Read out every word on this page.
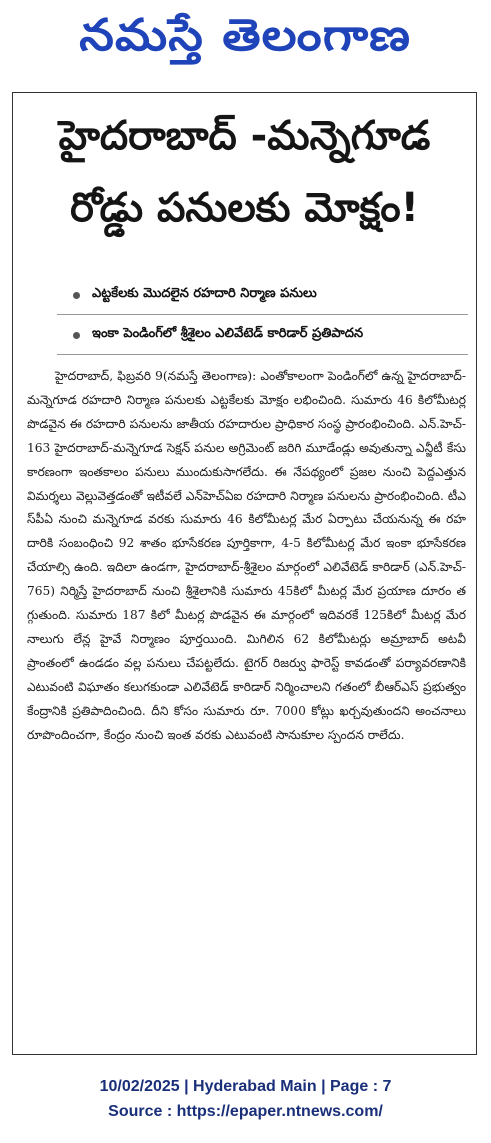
నమస్తే తెలంగాణ
హైదరాబాద్ -మన్నెగూడ
రోడ్డు పనులకు మోక్షం!
ఎట్టకేలకు మొదలైన రహదారి నిర్మాణ పనులు
ఇంకా పెండింగ్‌లో శ్రీశైలం ఎలివేటెడ్ కారిడార్ ప్రతిపాదన
హైదరాబాద్, ఫిబ్రవరి 9(నమస్తే తెలంగాణ): ఎంతోకాలంగా పెండింగ్‌లో ఉన్న హైదరాబాద్-మన్నెగూడ రహదారి నిర్మాణ పనులకు ఎట్టకేలకు మోక్షం లభించింది. సుమారు 46 కిలోమీటర్ల పొడవైన ఈ రహదారి పనులను జాతీయ రహదారుల ప్రాధికార సంస్థ ప్రారంభించింది. ఎన్.హెచ్-163 హైదరాబాద్-మన్నెగూడ సెక్షన్ పనుల అగ్రిమెంట్ జరిగి మూడేండ్లు అవుతున్నా ఎన్జీటీ కేసు కారణంగా ఇంతకాలం పనులు ముందుకుసాగలేదు. ఈ నేపథ్యంలో ప్రజల నుంచి పెద్దఎత్తున విమర్శలు వెల్లువెత్తడంతో ఇటీవలే ఎన్‌హెచ్ఏఐ రహదారి నిర్మాణ పనులను ప్రారంభించింది. టీఎస్‌పీఏ నుంచి మన్నెగూడ వరకు సుమారు 46 కిలోమీటర్ల మేర ఏర్పాటు చేయనున్న ఈ రహదారికి సంబంధించి 92 శాతం భూసేకరణ పూర్తికాగా, 4-5 కిలోమీటర్ల మేర ఇంకా భూసేకరణ చేయాల్సి ఉంది. ఇదిలా ఉండగా, హైదరాబాద్-శ్రీశైలం మార్గంలో ఎలివేటెడ్ కారిడార్ (ఎన్.హెచ్-765) నిర్మిస్తే హైదరాబాద్ నుంచి శ్రీశైలానికి సుమారు 45కిలో మీటర్ల మేర ప్రయాణ దూరం తగ్గుతుంది. సుమారు 187 కిలో మీటర్ల పొడవైన ఈ మార్గంలో ఇదివరకే 125కిలో మీటర్ల మేర నాలుగు లేన్ల హైవే నిర్మాణం పూర్తయింది. మిగిలిన 62 కిలోమీటర్లు అమ్రాబాద్ అటవీ ప్రాంతంలో ఉండడం వల్ల పనులు చేపట్టలేదు. టైగర్ రిజర్వు ఫారెస్ట్ కావడంతో పర్యావరణానికి ఎటువంటి విఘాతం కలుగకుండా ఎలివేటెడ్ కారిడార్ నిర్మించాలని గతంలో బీఆర్ఎస్ ప్రభుత్వం కేంద్రానికి ప్రతిపాదించింది. దీని కోసం సుమారు రూ. 7000 కోట్లు ఖర్చవుతుందని అంచనాలు రూపొందించగా, కేంద్రం నుంచి ఇంత వరకు ఎటువంటి సానుకూల స్పందన రాలేదు.
10/02/2025 | Hyderabad Main | Page : 7
Source : https://epaper.ntnews.com/
